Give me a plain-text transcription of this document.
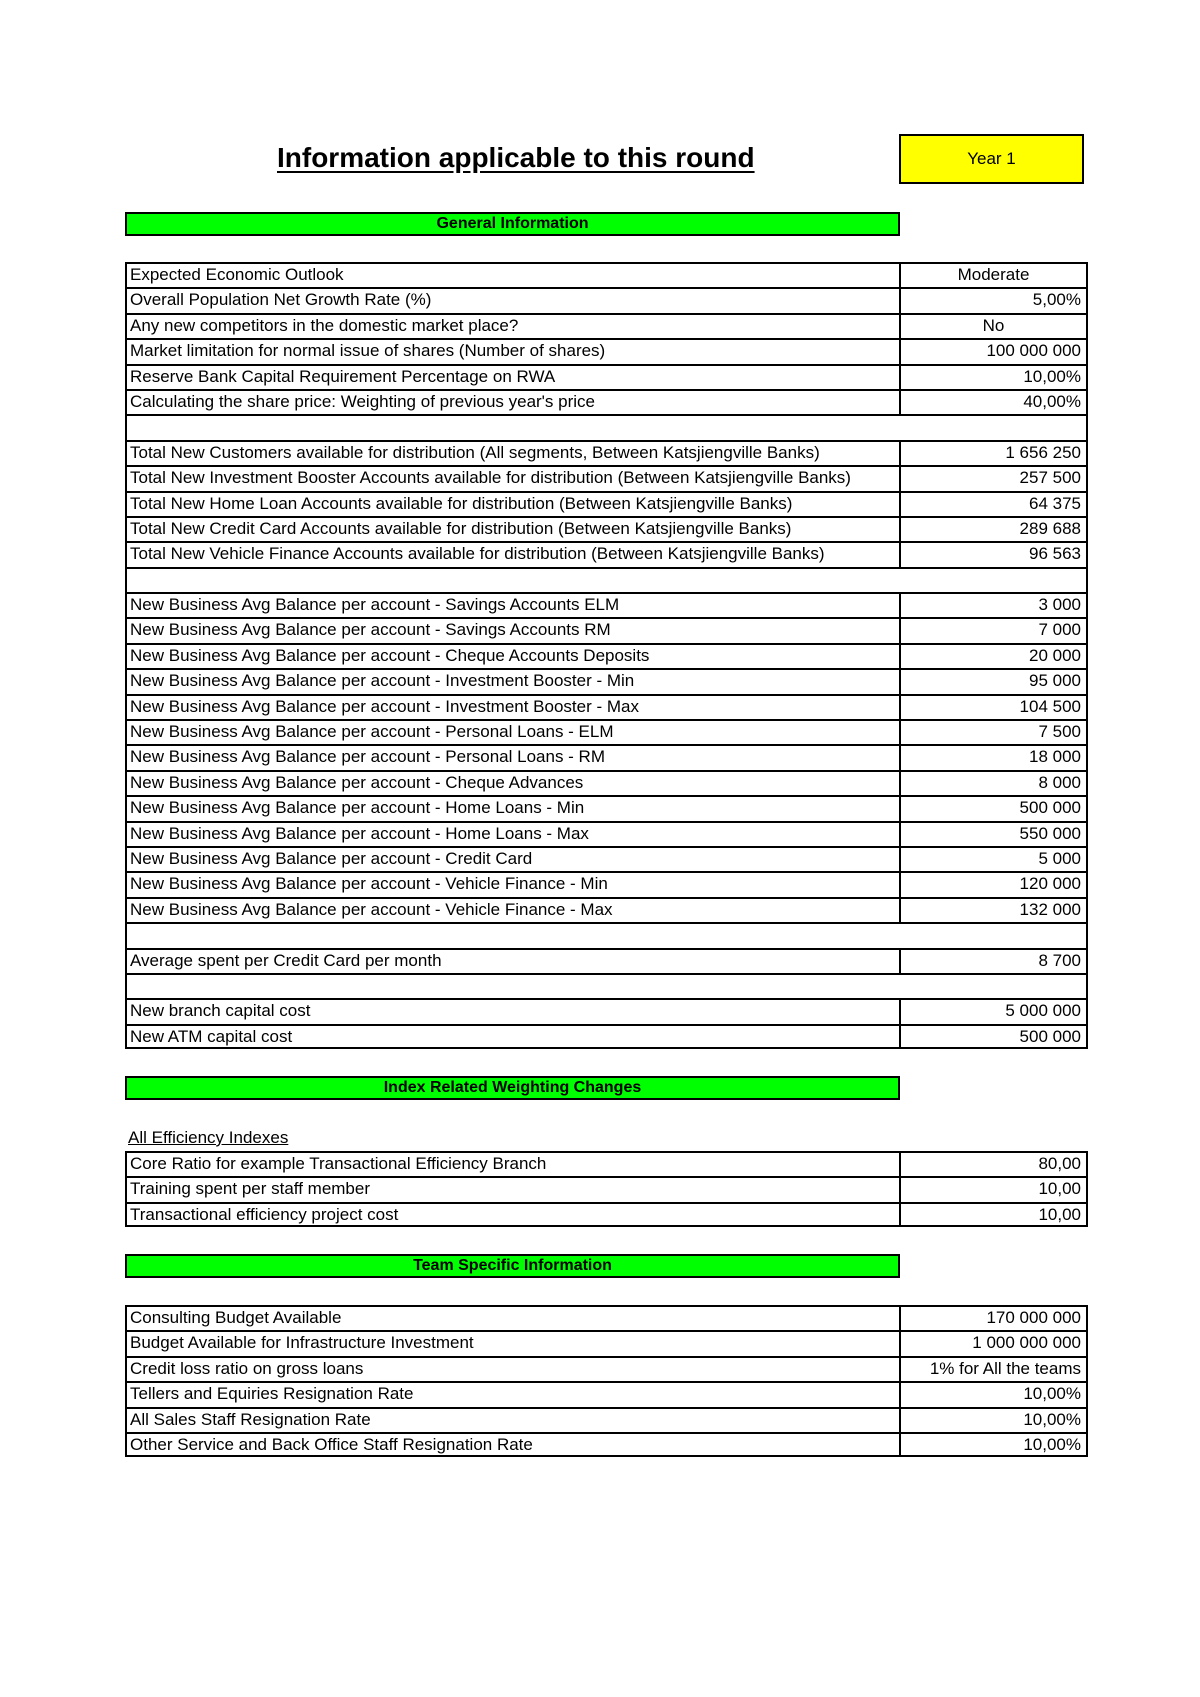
Information applicable to this round	Year 1
General Information
Expected Economic Outlook	Moderate
Overall Population Net Growth Rate (%)	5,00%
Any new competitors in the domestic market place?	No
Market limitation for normal issue of shares (Number of shares)	100 000 000
Reserve Bank Capital Requirement Percentage on RWA	10,00%
Calculating the share price: Weighting of previous year's price	40,00%
Total New Customers available for distribution (All segments, Between Katsjiengville Banks)	1 656 250
Total New Investment Booster Accounts available for distribution (Between Katsjiengville Banks)	257 500
Total New Home Loan Accounts available for distribution (Between Katsjiengville Banks)	64 375
Total New Credit Card Accounts available for distribution (Between Katsjiengville Banks)	289 688
Total New Vehicle Finance Accounts available for distribution (Between Katsjiengville Banks)	96 563
New Business Avg Balance per account - Savings Accounts ELM	3 000
New Business Avg Balance per account - Savings Accounts RM	7 000
New Business Avg Balance per account - Cheque Accounts Deposits	20 000
New Business Avg Balance per account - Investment Booster - Min	95 000
New Business Avg Balance per account - Investment Booster - Max	104 500
New Business Avg Balance per account - Personal Loans - ELM	7 500
New Business Avg Balance per account - Personal Loans - RM	18 000
New Business Avg Balance per account - Cheque Advances	8 000
New Business Avg Balance per account - Home Loans - Min	500 000
New Business Avg Balance per account - Home Loans - Max	550 000
New Business Avg Balance per account - Credit Card	5 000
New Business Avg Balance per account - Vehicle Finance - Min	120 000
New Business Avg Balance per account - Vehicle Finance - Max	132 000
Average spent per Credit Card per month	8 700
New branch capital cost	5 000 000
New ATM capital cost	500 000
Index Related Weighting Changes
All Efficiency Indexes
Core Ratio for example Transactional Efficiency Branch	80,00
Training spent per staff member	10,00
Transactional efficiency project cost	10,00
Team Specific Information
Consulting Budget Available	170 000 000
Budget Available for Infrastructure Investment	1 000 000 000
Credit loss ratio on gross loans	1% for All the teams
Tellers and Equiries Resignation Rate	10,00%
All Sales Staff Resignation Rate	10,00%
Other Service and Back Office Staff Resignation Rate	10,00%
